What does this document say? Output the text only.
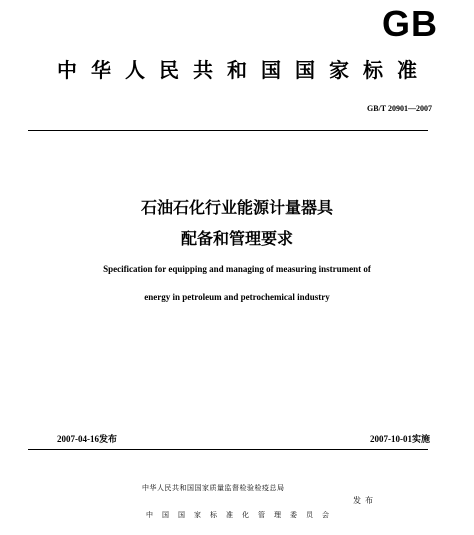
GB
中华人民共和国国家标准
GB/T 20901—2007
石油石化行业能源计量器具
配备和管理要求
Specification for equipping and managing of measuring instrument of
energy in petroleum and petrochemical industry
2007-04-16发布	2007-10-01实施
中华人民共和国国家质量监督检验检疫总局
中国国家标准化管理委员会
发布
